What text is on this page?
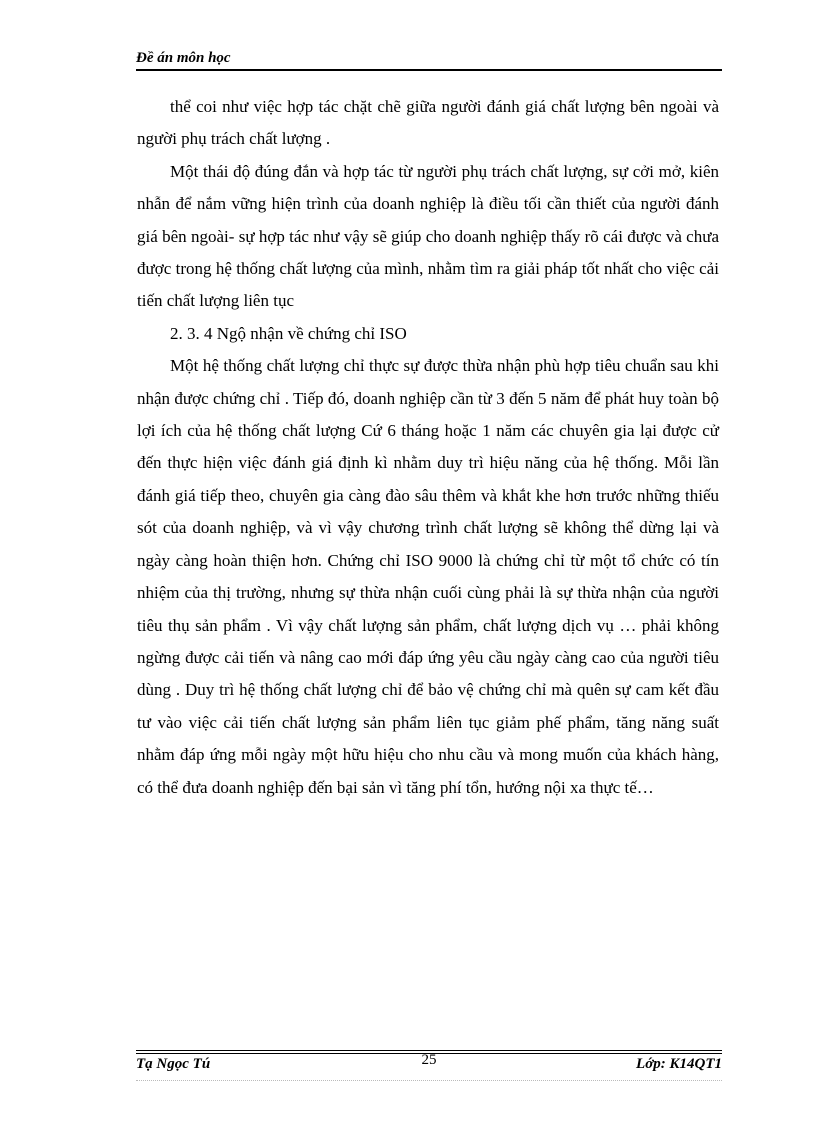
Đề án môn học

thể coi như việc hợp tác chặt chẽ giữa người đánh giá chất lượng bên ngoài và người phụ trách chất lượng .

Một thái độ đúng đắn và hợp tác từ người phụ trách chất lượng, sự cởi mở, kiên nhẫn để nắm vững hiện trình của doanh nghiệp là điều tối cần thiết của người đánh giá bên ngoài- sự hợp tác như vậy sẽ giúp cho doanh nghiệp thấy rõ cái được và chưa được trong hệ thống chất lượng của mình, nhằm tìm ra giải pháp tốt nhất cho việc cải tiến chất lượng liên tục

2. 3. 4 Ngộ nhận về chứng chỉ ISO

Một hệ thống chất lượng chỉ thực sự được thừa nhận phù hợp tiêu chuẩn sau khi nhận được chứng chỉ . Tiếp đó, doanh nghiệp cần từ 3 đến 5 năm để phát huy toàn bộ lợi ích của hệ thống chất lượng Cứ 6 tháng hoặc 1 năm các chuyên gia lại được cử đến thực hiện việc đánh giá định kì nhằm duy trì hiệu năng của hệ thống. Mỗi lần đánh giá tiếp theo, chuyên gia càng đào sâu thêm và khắt khe hơn trước những thiếu sót của doanh nghiệp, và vì vậy chương trình chất lượng sẽ không thể dừng lại và ngày càng hoàn thiện hơn. Chứng chỉ ISO 9000 là chứng chỉ từ một tổ chức có tín nhiệm của thị trường, nhưng sự thừa nhận cuối cùng phải là sự thừa nhận của người tiêu thụ sản phẩm . Vì vậy chất lượng sản phẩm, chất lượng dịch vụ … phải không ngừng được cải tiến và nâng cao mới đáp ứng yêu cầu ngày càng cao của người tiêu dùng . Duy trì hệ thống chất lượng chỉ để bảo vệ chứng chỉ mà quên sự cam kết đầu tư vào việc cải tiến chất lượng sản phẩm liên tục giảm phế phẩm, tăng năng suất nhằm đáp ứng mỗi ngày một hữu hiệu cho nhu cầu và mong muốn của khách hàng, có thể đưa doanh nghiệp đến bại sản vì tăng phí tổn, hướng nội xa thực tế…

Tạ Ngọc Tú	25	Lớp: K14QT1
